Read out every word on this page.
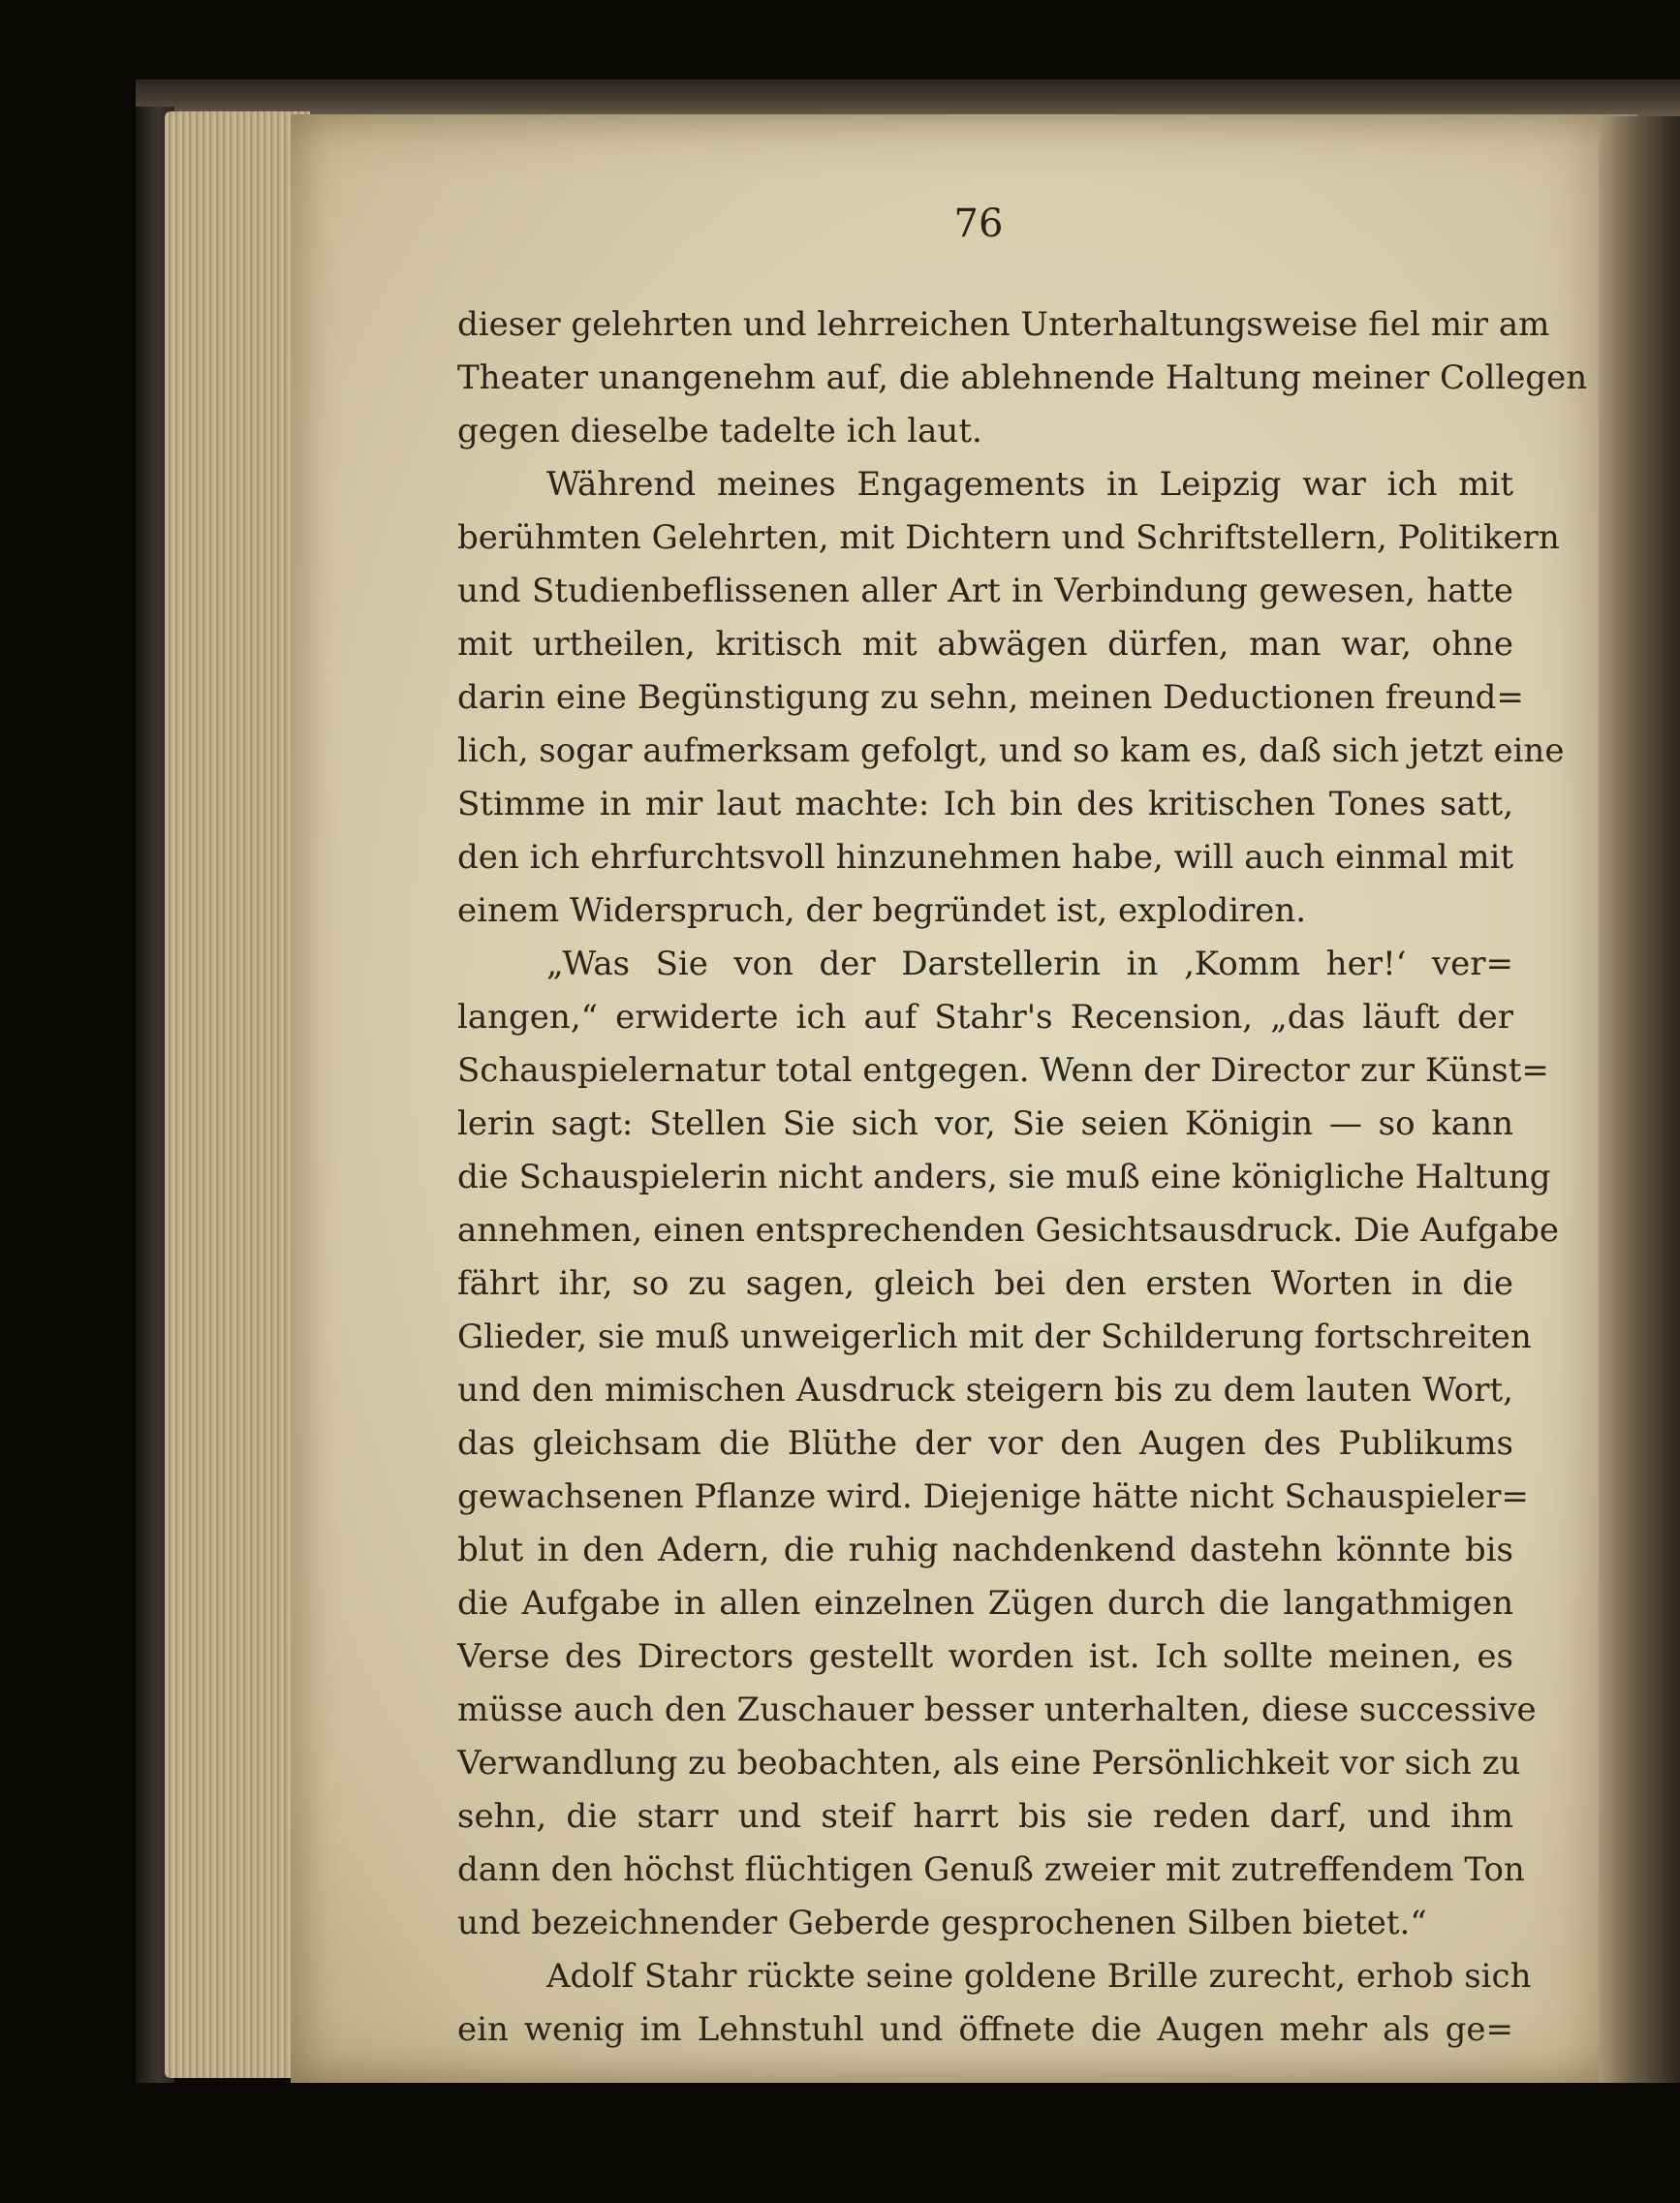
76
dieser gelehrten und lehrreichen Unterhaltungsweise fiel mir am
Theater unangenehm auf, die ablehnende Haltung meiner Collegen
gegen dieselbe tadelte ich laut.
Während meines Engagements in Leipzig war ich mit
berühmten Gelehrten, mit Dichtern und Schriftstellern, Politikern
und Studienbeflissenen aller Art in Verbindung gewesen, hatte
mit urtheilen, kritisch mit abwägen dürfen, man war, ohne
darin eine Begünstigung zu sehn, meinen Deductionen freund=
lich, sogar aufmerksam gefolgt, und so kam es, daß sich jetzt eine
Stimme in mir laut machte: Ich bin des kritischen Tones satt,
den ich ehrfurchtsvoll hinzunehmen habe, will auch einmal mit
einem Widerspruch, der begründet ist, explodiren.
„Was Sie von der Darstellerin in ‚Komm her!‘ ver=
langen,“ erwiderte ich auf Stahr's Recension, „das läuft der
Schauspielernatur total entgegen. Wenn der Director zur Künst=
lerin sagt: Stellen Sie sich vor, Sie seien Königin — so kann
die Schauspielerin nicht anders, sie muß eine königliche Haltung
annehmen, einen entsprechenden Gesichtsausdruck. Die Aufgabe
fährt ihr, so zu sagen, gleich bei den ersten Worten in die
Glieder, sie muß unweigerlich mit der Schilderung fortschreiten
und den mimischen Ausdruck steigern bis zu dem lauten Wort,
das gleichsam die Blüthe der vor den Augen des Publikums
gewachsenen Pflanze wird. Diejenige hätte nicht Schauspieler=
blut in den Adern, die ruhig nachdenkend dastehn könnte bis
die Aufgabe in allen einzelnen Zügen durch die langathmigen
Verse des Directors gestellt worden ist. Ich sollte meinen, es
müsse auch den Zuschauer besser unterhalten, diese successive
Verwandlung zu beobachten, als eine Persönlichkeit vor sich zu
sehn, die starr und steif harrt bis sie reden darf, und ihm
dann den höchst flüchtigen Genuß zweier mit zutreffendem Ton
und bezeichnender Geberde gesprochenen Silben bietet.“
Adolf Stahr rückte seine goldene Brille zurecht, erhob sich
ein wenig im Lehnstuhl und öffnete die Augen mehr als ge=
